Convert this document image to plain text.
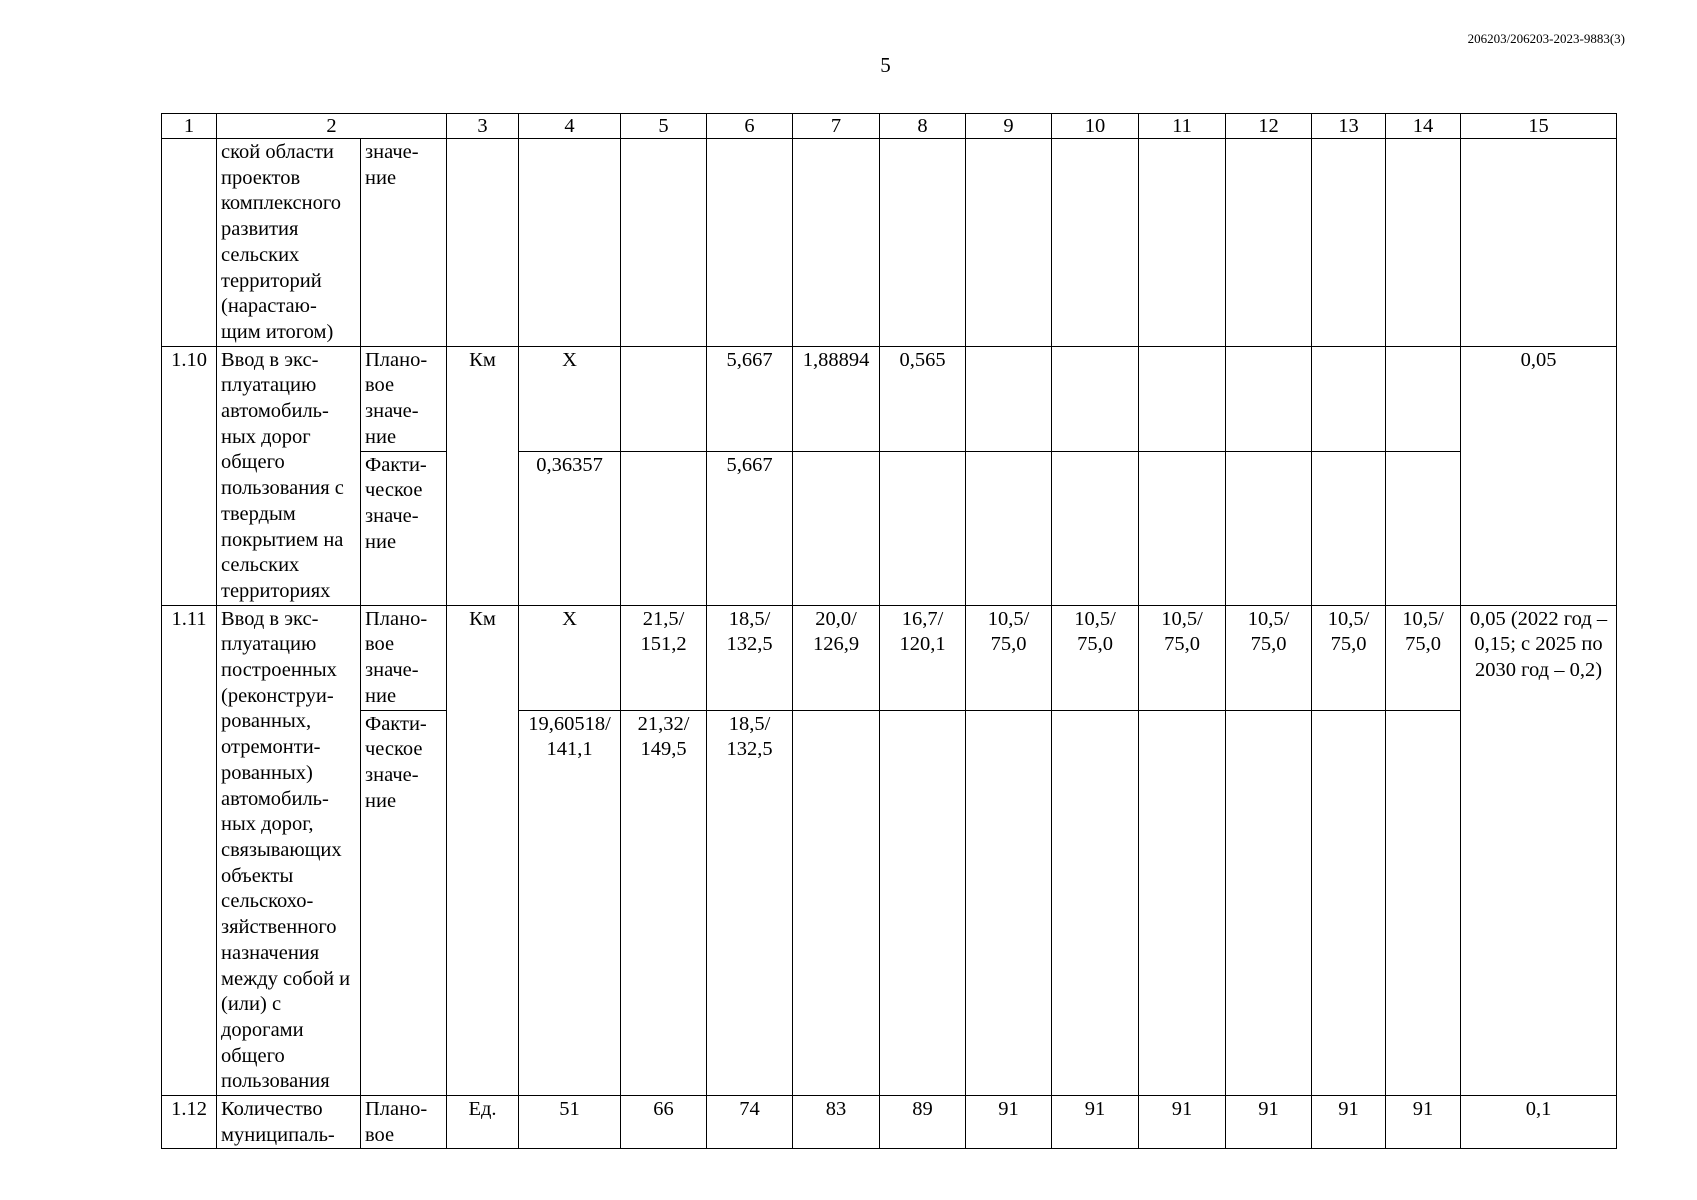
206203/206203-2023-9883(3)
5
1	2		3	4	5	6	7	8	9	10	11	12	13	14	15
	ской области проектов комплексного развития сельских территорий (нарастаю-щим итогом)	значе-ние													
1.10	Ввод в экс-плуатацию автомобиль-ных дорог общего пользования с твердым покрытием на сельских территориях	Плано-вое значе-ние	Км	X		5,667	1,88894	0,565							0,05
		Факти-ческое значе-ние		0,36357		5,667									
1.11	Ввод в экс-плуатацию построенных (реконструи-рованных, отремонти-рованных) автомобиль-ных дорог, связывающих объекты сельскохо-зяйственного назначения между собой и (или) с дорогами общего пользования	Плано-вое значе-ние	Км	X	21,5/ 151,2	18,5/ 132,5	20,0/ 126,9	16,7/ 120,1	10,5/ 75,0	10,5/ 75,0	10,5/ 75,0	10,5/ 75,0	10,5/ 75,0	10,5/ 75,0	0,05 (2022 год – 0,15; с 2025 по 2030 год – 0,2)
		Факти-ческое значе-ние		19,60518/ 141,1	21,32/ 149,5	18,5/ 132,5									
1.12	Количество муниципаль-	Плано-вое	Ед.	51	66	74	83	89	91	91	91	91	91	91	0,1
